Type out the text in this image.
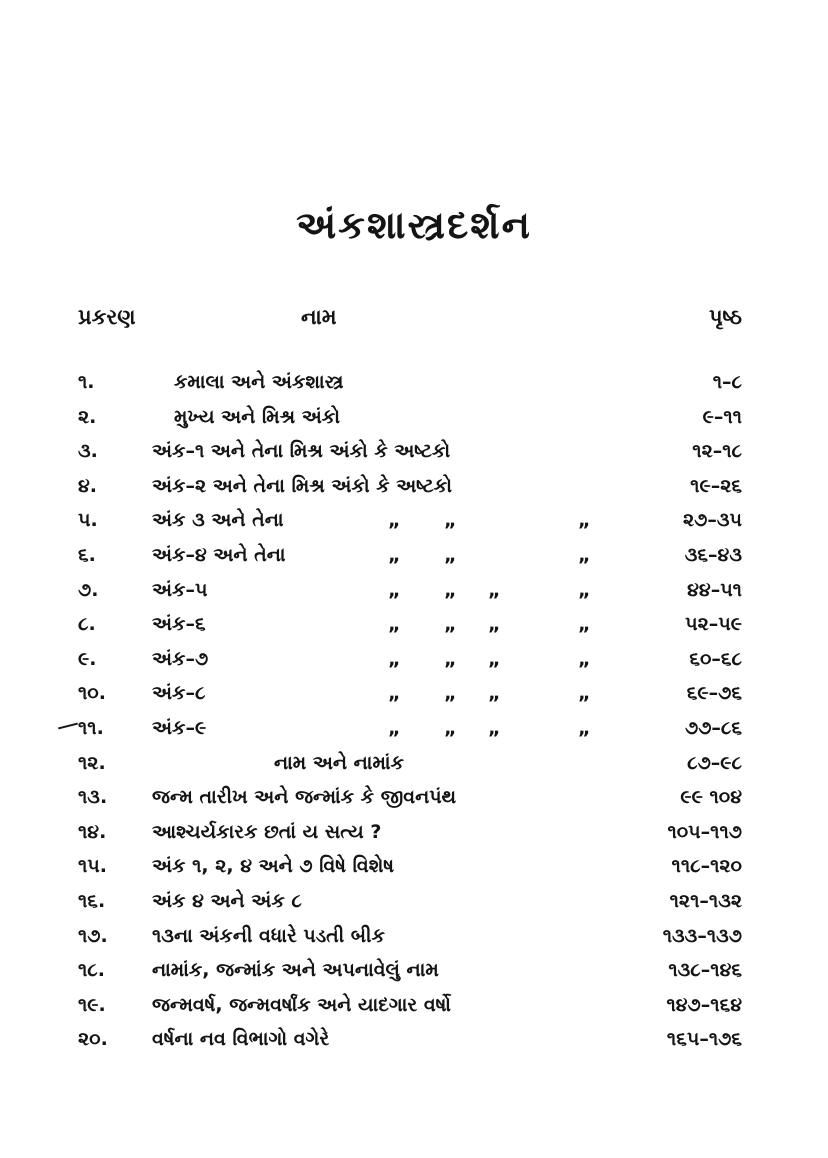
અંકશાસ્ત્રદર્શન
પ્રકરણ	નામ	પૃષ્ઠ
૧.	કમાલા અને અંકશાસ્ત્ર	૧–૮
૨.	મુખ્ય અને મિશ્ર અંકો	૯–૧૧
૩.	અંક–૧ અને તેના મિશ્ર અંકો કે અષ્ટકો	૧૨–૧૮
૪.	અંક–૨ અને તેના મિશ્ર અંકો કે અષ્ટકો	૧૯–૨૬
૫.	અંક ૩ અને તેના	„ „	„	૨૭–૩૫
૬.	અંક–૪ અને તેના	„ „	„	૩૬–૪૩
૭.	અંક–૫	„ „ „	„	૪૪–૫૧
૮.	અંક–૬	„ „ „	„	૫૨–૫૯
૯.	અંક–૭	„ „ „	„	૬૦–૬૮
૧૦. અંક–૮	„ „ „	„	૬૯–૭૬
૧૧.	અંક–૯	„ „ „	„	૭૭–૮૬
૧૨.	નામ અને નામાંક	૮૭–૯૮
૧૩. જન્મ તારીખ અને જન્માંક કે જીવનપંથ	૯૯ ૧૦૪
૧૪. આશ્ચર્યકારક છતાં ય સત્ય ?	૧૦૫–૧૧૭
૧૫. અંક ૧, ૨, ૪ અને ૭ વિષે વિશેષ	૧૧૮–૧૨૦
૧૬. અંક ૪ અને અંક ૮	૧૨૧–૧૩૨
૧૭. ૧૩ના અંકની વધારે પડતી બીક	૧૩૩–૧૩૭
૧૮. નામાંક, જન્માંક અને અપનાવેલું નામ	૧૩૮–૧૪૬
૧૯. જન્મવર્ષ, જન્મવર્ષાંક અને યાદગાર વર્ષો	૧૪૭–૧૬૪
૨૦. વર્ષના નવ વિભાગો વગેરે	૧૬૫–૧૭૬
